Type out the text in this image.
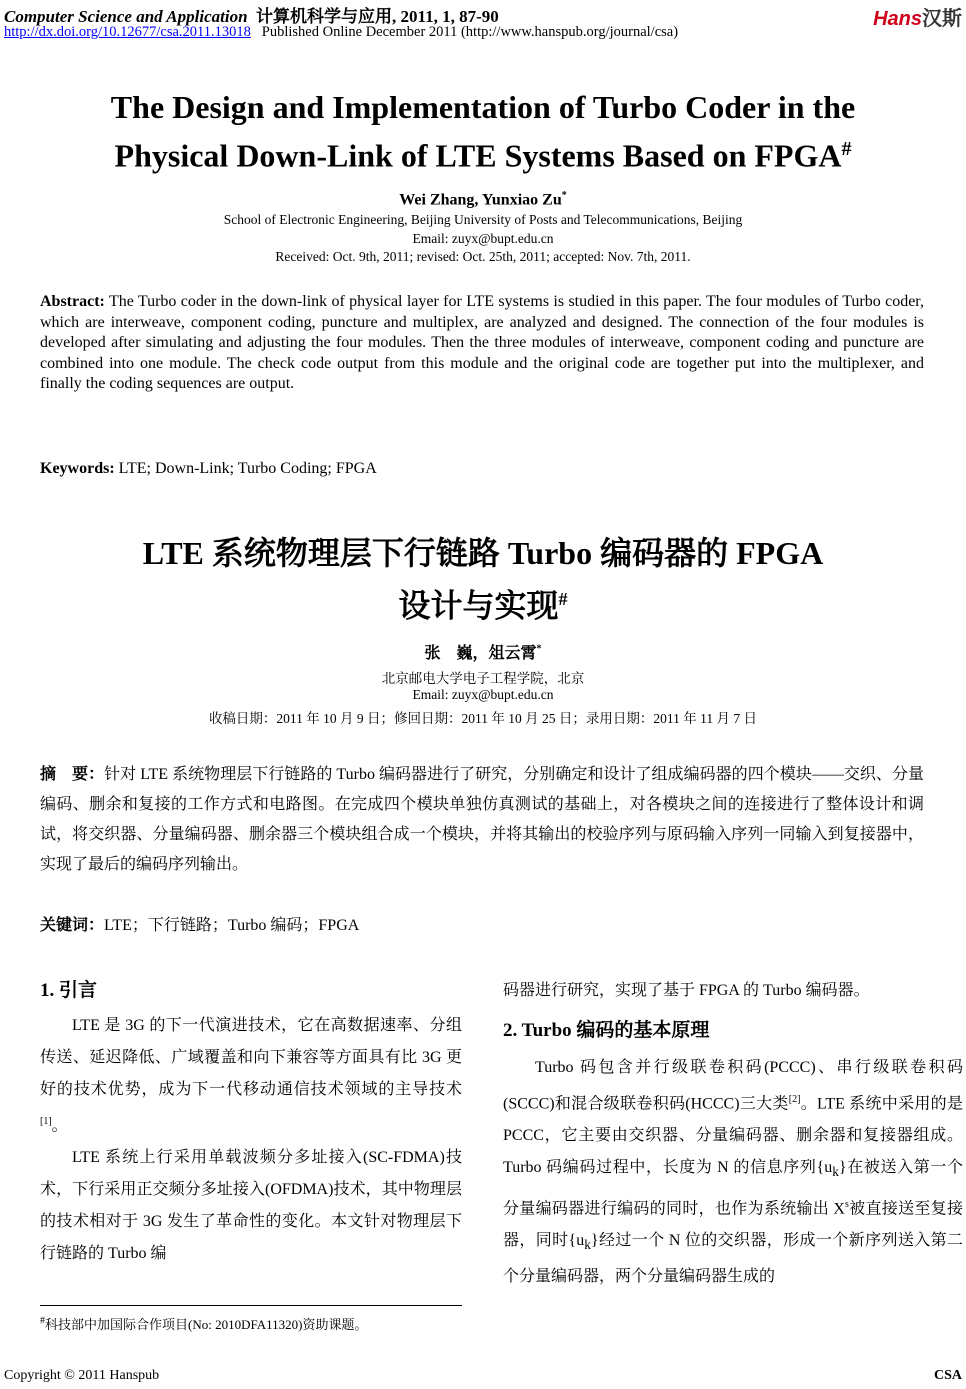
Computer Science and Application 计算机科学与应用, 2011, 1, 87-90
http://dx.doi.org/10.12677/csa.2011.13018 Published Online December 2011 (http://www.hanspub.org/journal/csa)
Hans汉斯
The Design and Implementation of Turbo Coder in the
Physical Down-Link of LTE Systems Based on FPGA#
Wei Zhang, Yunxiao Zu*
School of Electronic Engineering, Beijing University of Posts and Telecommunications, Beijing
Email: zuyx@bupt.edu.cn
Received: Oct. 9th, 2011; revised: Oct. 25th, 2011; accepted: Nov. 7th, 2011.
Abstract: The Turbo coder in the down-link of physical layer for LTE systems is studied in this paper. The four modules of Turbo coder, which are interweave, component coding, puncture and multiplex, are analyzed and designed. The connection of the four modules is developed after simulating and adjusting the four modules. Then the three modules of interweave, component coding and puncture are combined into one module. The check code output from this module and the original code are together put into the multiplexer, and finally the coding sequences are output.
Keywords: LTE; Down-Link; Turbo Coding; FPGA
LTE 系统物理层下行链路 Turbo 编码器的 FPGA
设计与实现#
张　巍，俎云霄*
北京邮电大学电子工程学院，北京
Email: zuyx@bupt.edu.cn
收稿日期：2011 年 10 月 9 日；修回日期：2011 年 10 月 25 日；录用日期：2011 年 11 月 7 日
摘　要：针对 LTE 系统物理层下行链路的 Turbo 编码器进行了研究，分别确定和设计了组成编码器的四个模块——交织、分量编码、删余和复接的工作方式和电路图。在完成四个模块单独仿真测试的基础上，对各模块之间的连接进行了整体设计和调试，将交织器、分量编码器、删余器三个模块组合成一个模块，并将其输出的校验序列与原码输入序列一同输入到复接器中，实现了最后的编码序列输出。
关键词：LTE；下行链路；Turbo 编码；FPGA
1. 引言
LTE 是 3G 的下一代演进技术，它在高数据速率、分组传送、延迟降低、广域覆盖和向下兼容等方面具有比 3G 更好的技术优势，成为下一代移动通信技术领域的主导技术[1]。
LTE 系统上行采用单载波频分多址接入(SC-FDMA)技术，下行采用正交频分多址接入(OFDMA)技术，其中物理层的技术相对于 3G 发生了革命性的变化。本文针对物理层下行链路的 Turbo 编
码器进行研究，实现了基于 FPGA 的 Turbo 编码器。
2. Turbo 编码的基本原理
Turbo 码包含并行级联卷积码(PCCC)、串行级联卷积码(SCCC)和混合级联卷积码(HCCC)三大类[2]。LTE 系统中采用的是 PCCC，它主要由交织器、分量编码器、删余器和复接器组成。Turbo 码编码过程中，长度为 N 的信息序列$\{u_k\}$在被送入第一个分量编码器进行编码的同时，也作为系统输出 $X^s$被直接送至复接器，同时$\{u_k\}$经过一个 N 位的交织器，形成一个新序列送入第二个分量编码器，两个分量编码器生成的
#科技部中加国际合作项目(No: 2010DFA11320)资助课题。
Copyright © 2011 Hanspub	CSA
